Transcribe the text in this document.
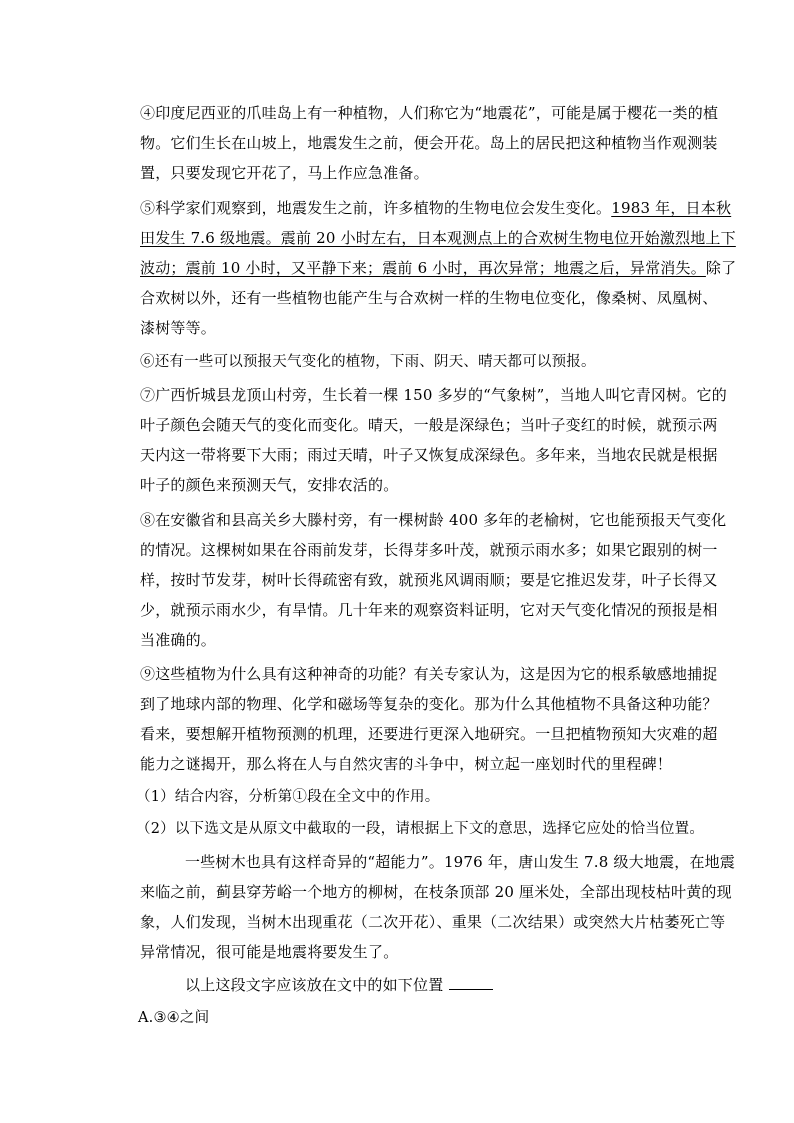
④印度尼西亚的爪哇岛上有一种植物，人们称它为“地震花”，可能是属于樱花一类的植
物。它们生长在山坡上，地震发生之前，便会开花。岛上的居民把这种植物当作观测装
置，只要发现它开花了，马上作应急准备。
⑤科学家们观察到，地震发生之前，许多植物的生物电位会发生变化。1983 年，日本秋
田发生 7.6 级地震。震前 20 小时左右，日本观测点上的合欢树生物电位开始激烈地上下
波动；震前 10 小时，又平静下来；震前 6 小时，再次异常；地震之后，异常消失。除了
合欢树以外，还有一些植物也能产生与合欢树一样的生物电位变化，像桑树、凤凰树、
漆树等等。
⑥还有一些可以预报天气变化的植物，下雨、阴天、晴天都可以预报。
⑦广西忻城县龙顶山村旁，生长着一棵 150 多岁的“气象树”，当地人叫它青冈树。它的
叶子颜色会随天气的变化而变化。晴天，一般是深绿色；当叶子变红的时候，就预示两
天内这一带将要下大雨；雨过天晴，叶子又恢复成深绿色。多年来，当地农民就是根据
叶子的颜色来预测天气，安排农活的。
⑧在安徽省和县高关乡大滕村旁，有一棵树龄 400 多年的老榆树，它也能预报天气变化
的情况。这棵树如果在谷雨前发芽，长得芽多叶茂，就预示雨水多；如果它跟别的树一
样，按时节发芽，树叶长得疏密有致，就预兆风调雨顺；要是它推迟发芽，叶子长得又
少，就预示雨水少，有旱情。几十年来的观察资料证明，它对天气变化情况的预报是相
当准确的。
⑨这些植物为什么具有这种神奇的功能？有关专家认为，这是因为它的根系敏感地捕捉
到了地球内部的物理、化学和磁场等复杂的变化。那为什么其他植物不具备这种功能？
看来，要想解开植物预测的机理，还要进行更深入地研究。一旦把植物预知大灾难的超
能力之谜揭开，那么将在人与自然灾害的斗争中，树立起一座划时代的里程碑！
（1）结合内容，分析第①段在全文中的作用。
（2）以下选文是从原文中截取的一段，请根据上下文的意思，选择它应处的恰当位置。
一些树木也具有这样奇异的“超能力”。1976 年，唐山发生 7.8 级大地震，在地震
来临之前，蓟县穿芳峪一个地方的柳树，在枝条顶部 20 厘米处，全部出现枝枯叶黄的现
象，人们发现，当树木出现重花（二次开花）、重果（二次结果）或突然大片枯萎死亡等
异常情况，很可能是地震将要发生了。
以上这段文字应该放在文中的如下位置
A.③④之间
